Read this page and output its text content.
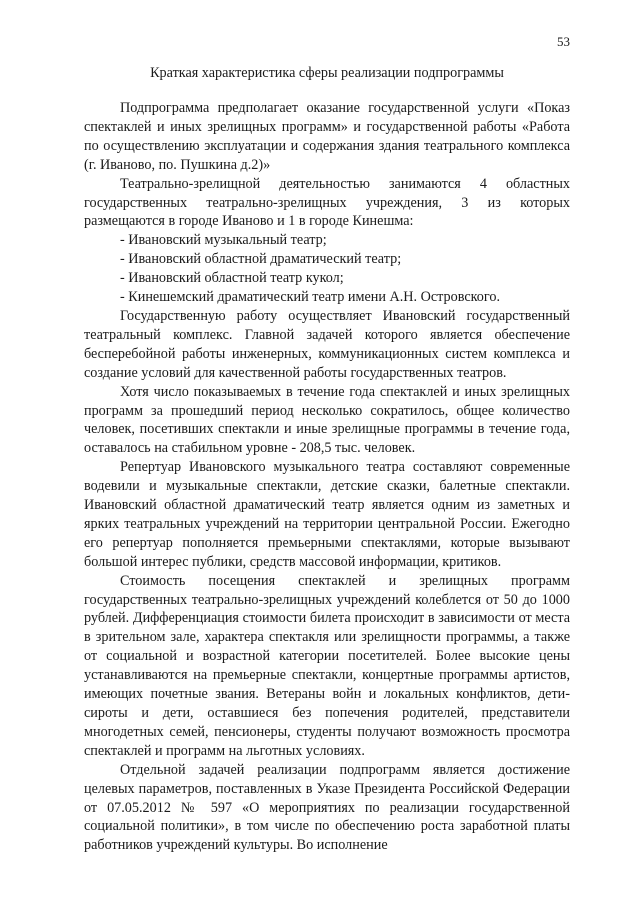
53
Краткая характеристика сферы реализации подпрограммы

Подпрограмма предполагает оказание государственной услуги «Показ спектаклей и иных зрелищных программ» и государственной работы «Работа по осуществлению эксплуатации и содержания здания театрального комплекса (г. Иваново, по. Пушкина д.2)»

Театрально-зрелищной деятельностью занимаются 4 областных государственных театрально-зрелищных учреждения, 3 из которых размещаются в городе Иваново и 1 в городе Кинешма:

- Ивановский музыкальный театр;
- Ивановский областной драматический театр;
- Ивановский областной театр кукол;
- Кинешемский драматический театр имени А.Н. Островского.

Государственную работу осуществляет Ивановский государственный театральный комплекс. Главной задачей которого является обеспечение бесперебойной работы инженерных, коммуникационных систем комплекса и создание условий для качественной работы государственных театров.

Хотя число показываемых в течение года спектаклей и иных зрелищных программ за прошедший период несколько сократилось, общее количество человек, посетивших спектакли и иные зрелищные программы в течение года, оставалось на стабильном уровне - 208,5 тыс. человек.

Репертуар Ивановского музыкального театра составляют современные водевили и музыкальные спектакли, детские сказки, балетные спектакли. Ивановский областной драматический театр является одним из заметных и ярких театральных учреждений на территории центральной России. Ежегодно его репертуар пополняется премьерными спектаклями, которые вызывают большой интерес публики, средств массовой информации, критиков.

Стоимость посещения спектаклей и зрелищных программ государственных театрально-зрелищных учреждений колеблется от 50 до 1000 рублей. Дифференциация стоимости билета происходит в зависимости от места в зрительном зале, характера спектакля или зрелищности программы, а также от социальной и возрастной категории посетителей. Более высокие цены устанавливаются на премьерные спектакли, концертные программы артистов, имеющих почетные звания. Ветераны войн и локальных конфликтов, дети-сироты и дети, оставшиеся без попечения родителей, представители многодетных семей, пенсионеры, студенты получают возможность просмотра спектаклей и программ на льготных условиях.

Отдельной задачей реализации подпрограмм является достижение целевых параметров, поставленных в Указе Президента Российской Федерации от 07.05.2012 № 597 «О мероприятиях по реализации государственной социальной политики», в том числе по обеспечению роста заработной платы работников учреждений культуры. Во исполнение
